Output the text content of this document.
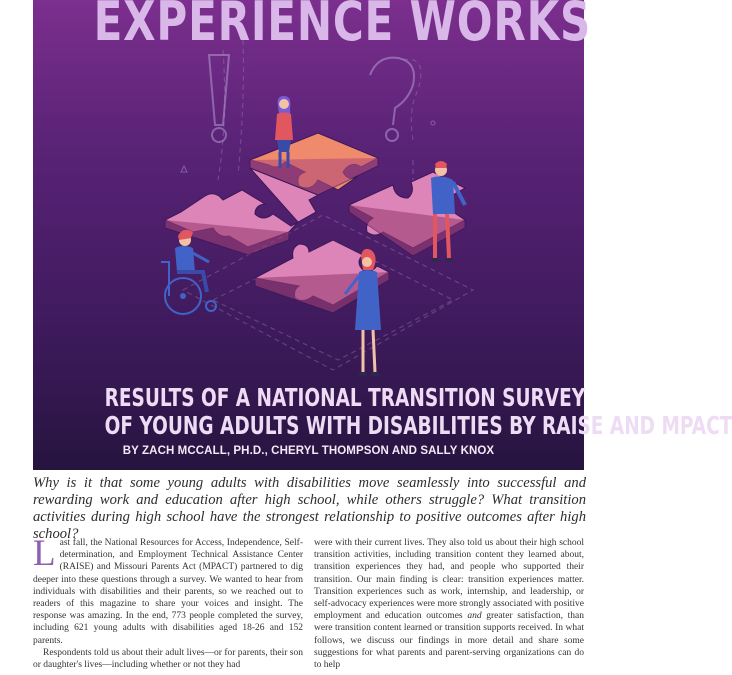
EXPERIENCE WORKS
RESULTS OF A NATIONAL TRANSITION SURVEY
OF YOUNG ADULTS WITH DISABILITIES BY RAISE AND MPACT
BY ZACH MCCALL, PH.D., CHERYL THOMPSON AND SALLY KNOX
Why is it that some young adults with disabilities move seamlessly into successful and rewarding work and education after high school, while others struggle? What transition activities during high school have the strongest relationship to positive outcomes after high school?

Last fall, the National Resources for Access, Independence, Self-determination, and Employment Technical Assistance Center (RAISE) and Missouri Parents Act (MPACT) partnered to dig deeper into these questions through a survey. We wanted to hear from individuals with disabilities and their parents, so we reached out to readers of this magazine to share your voices and insight. The response was amazing. In the end, 773 people completed the survey, including 621 young adults with disabilities aged 18-26 and 152 parents.

Respondents told us about their adult lives—or for parents, their son or daughter's lives—including whether or not they had

were with their current lives. They also told us about their high school transition activities, including transition content they learned about, transition experiences they had, and people who supported their transition. Our main finding is clear: transition experiences matter. Transition experiences such as work, internship, and leadership, or self-advocacy experiences were more strongly associated with positive employment and education outcomes and greater satisfaction, than were transition content learned or transition supports received. In what follows, we discuss our findings in more detail and share some suggestions for what parents and parent-serving organizations can do to help
